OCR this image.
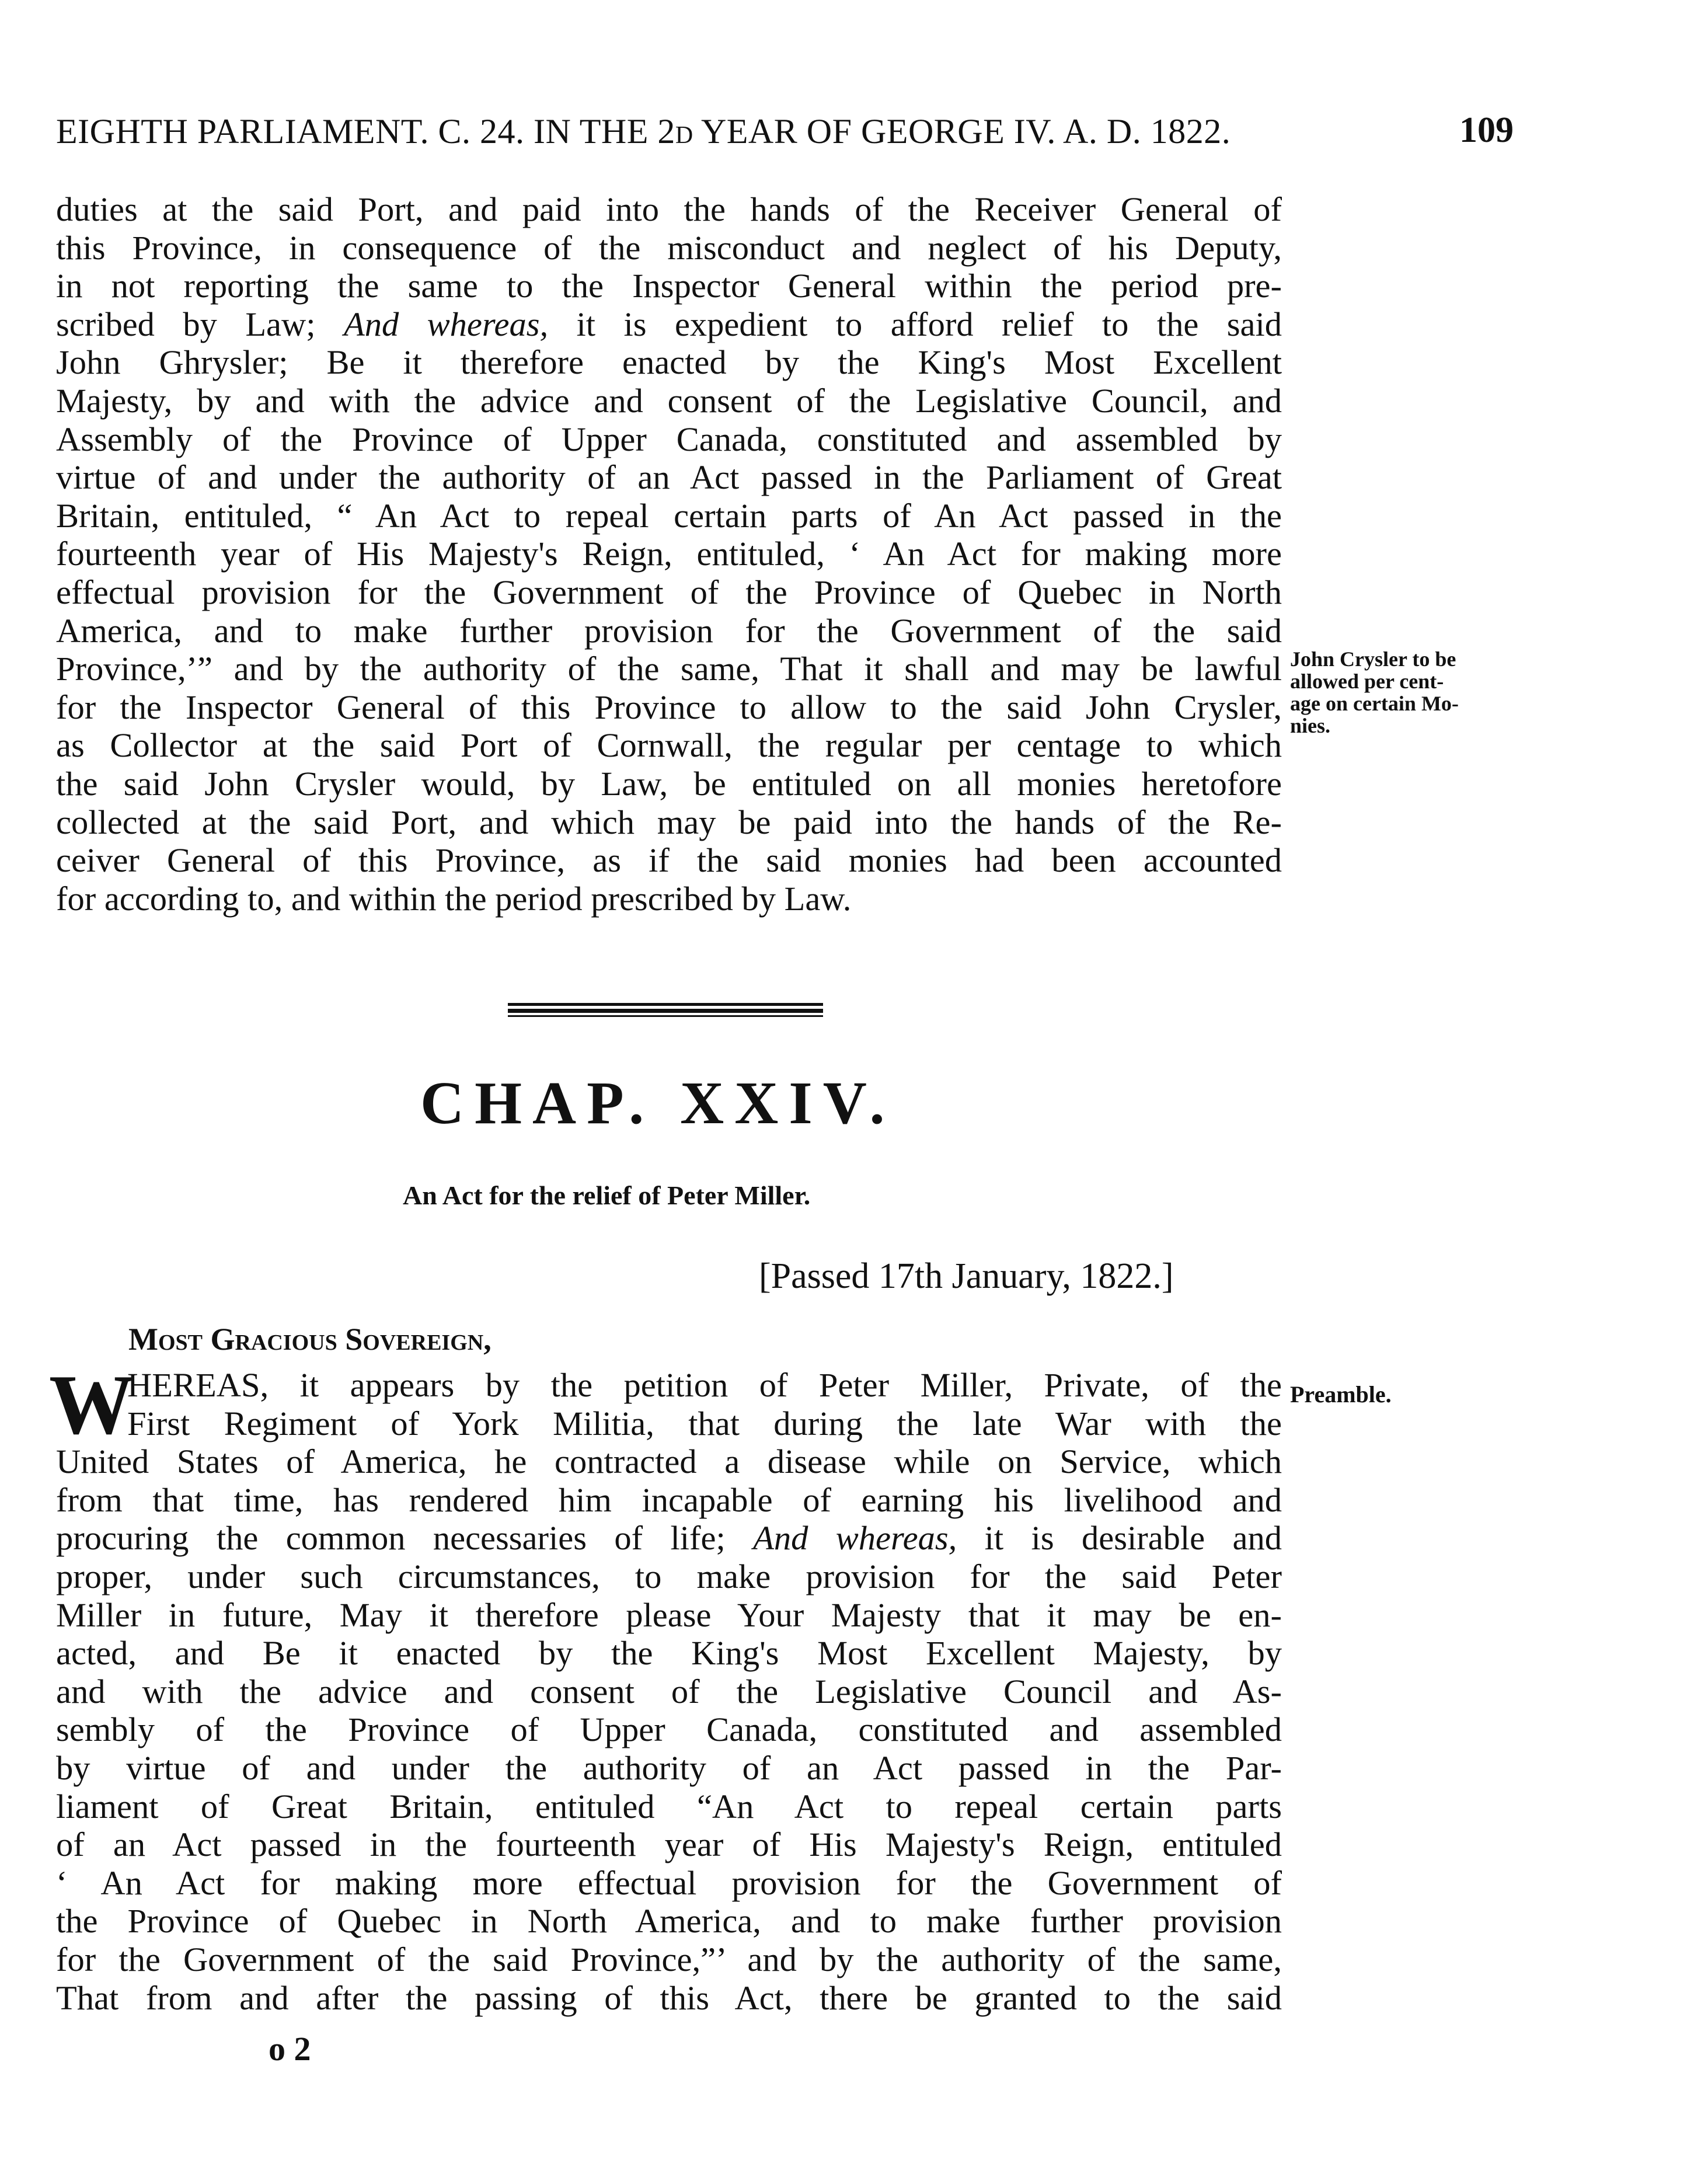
EIGHTH PARLIAMENT. C. 24. IN THE 2d YEAR OF GEORGE IV. A. D. 1822.	109
duties at the said Port, and paid into the hands of the Receiver General of
this Province, in consequence of the misconduct and neglect of his Deputy,
in not reporting the same to the Inspector General within the period pre-
scribed by Law; And whereas, it is expedient to afford relief to the said
John Ghrysler; Be it therefore enacted by the King's Most Excellent
Majesty, by and with the advice and consent of the Legislative Council, and
Assembly of the Province of Upper Canada, constituted and assembled by
virtue of and under the authority of an Act passed in the Parliament of Great
Britain, entituled, “ An Act to repeal certain parts of An Act passed in the
fourteenth year of His Majesty's Reign, entituled, ‘ An Act for making more
effectual provision for the Government of the Province of Quebec in North
America, and to make further provision for the Government of the said
Province,’” and by the authority of the same, That it shall and may be lawful
for the Inspector General of this Province to allow to the said John Crysler,
as Collector at the said Port of Cornwall, the regular per centage to which
the said John Crysler would, by Law, be entituled on all monies heretofore
collected at the said Port, and which may be paid into the hands of the Re-
ceiver General of this Province, as if the said monies had been accounted
for according to, and within the period prescribed by Law.
John Crysler to be
allowed per cent-
age on certain Mo-
nies.
CHAP. XXIV.
An Act for the relief of Peter Miller.
[Passed 17th January, 1822.]
Most Gracious Sovereign,
W
HEREAS, it appears by the petition of Peter Miller, Private, of the
First Regiment of York Militia, that during the late War with the
Preamble.
United States of America, he contracted a disease while on Service, which
from that time, has rendered him incapable of earning his livelihood and
procuring the common necessaries of life; And whereas, it is desirable and
proper, under such circumstances, to make provision for the said Peter
Miller in future, May it therefore please Your Majesty that it may be en-
acted, and Be it enacted by the King's Most Excellent Majesty, by
and with the advice and consent of the Legislative Council and As-
sembly of the Province of Upper Canada, constituted and assembled
by virtue of and under the authority of an Act passed in the Par-
liament of Great Britain, entituled “An Act to repeal certain parts
of an Act passed in the fourteenth year of His Majesty's Reign, entituled
‘ An Act for making more effectual provision for the Government of
the Province of Quebec in North America, and to make further provision
for the Government of the said Province,”’ and by the authority of the same,
That from and after the passing of this Act, there be granted to the said
o 2
